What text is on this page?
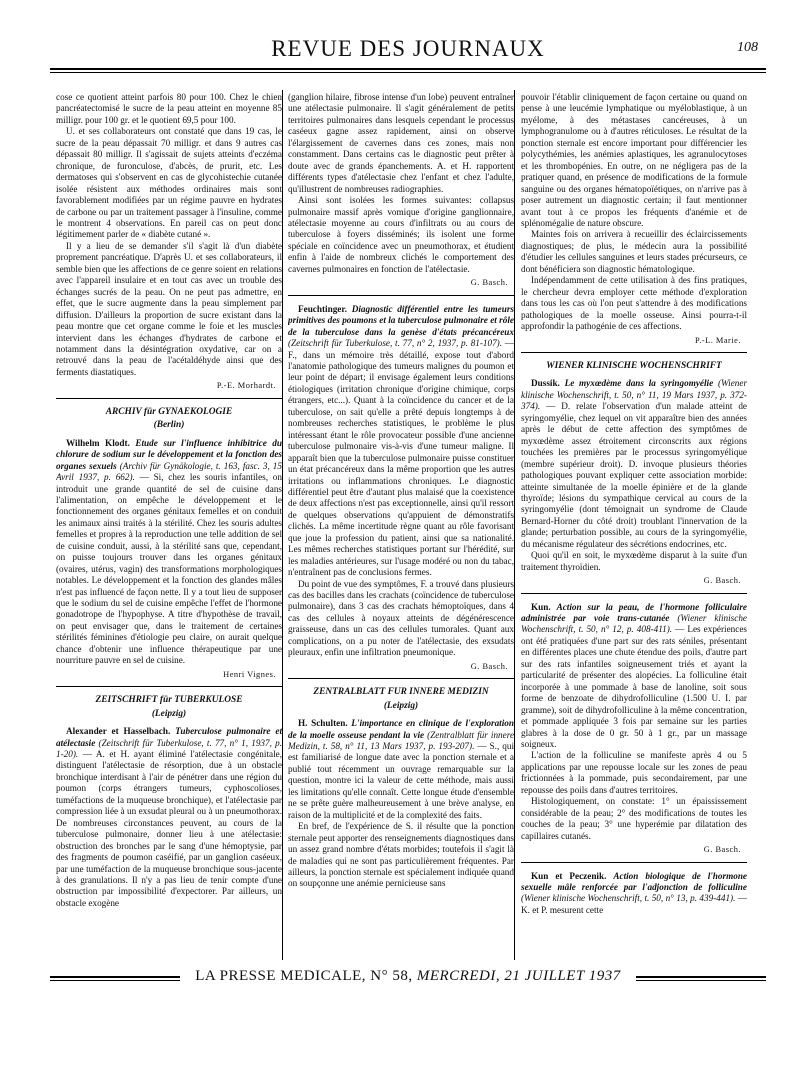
REVUE DES JOURNAUX	108

cose ce quotient atteint parfois 80 pour 100. Chez le chien pancréatectomisé le sucre de la peau atteint en moyenne 85 milligr. pour 100 gr. et le quotient 69,5 pour 100.

U. et ses collaborateurs ont constaté que dans 19 cas, le sucre de la peau dépassait 70 milligr. et dans 9 autres cas dépassait 80 milligr. Il s'agissait de sujets atteints d'eczéma chronique, de furonculose, d'abcès, de prurit, etc. Les dermatoses qui s'observent en cas de glycohistechie cutanée isolée résistent aux méthodes ordinaires mais sont favorablement modifiées par un régime pauvre en hydrates de carbone ou par un traitement passager à l'insuline, comme le montrent 4 observations. En pareil cas on peut donc légitimement parler de « diabète cutané ».

Il y a lieu de se demander s'il s'agit là d'un diabète proprement pancréatique. D'après U. et ses collaborateurs, il semble bien que les affections de ce genre soient en relations avec l'appareil insulaire et en tout cas avec un trouble des échanges sucrés de la peau. On ne peut pas admettre, en effet, que le sucre augmente dans la peau simplement par diffusion. D'ailleurs la proportion de sucre existant dans la peau montre que cet organe comme le foie et les muscles intervient dans les échanges d'hydrates de carbone et notamment dans la désintégration oxydative, car on a retrouvé dans la peau de l'acétaldéhyde ainsi que des ferments diastatiques.

P.-E. Morhardt.
ARCHIV für GYNAEKOLOGIE
(Berlin)

Wilhelm Klodt. Etude sur l'influence inhibitrice du chlorure de sodium sur le développement et la fonction des organes sexuels (Archiv für Gynäkologie, t. 163, fasc. 3, 15 Avril 1937, p. 662). — Si, chez les souris infantiles, on introduit une grande quantité de sel de cuisine dans l'alimentation, on empêche le développement et le fonctionnement des organes génitaux femelles et on conduit les animaux ainsi traités à la stérilité. Chez les souris adultes femelles et propres à la reproduction une telle addition de sel de cuisine conduit, aussi, à la stérilité sans que, cependant, on puisse toujours trouver dans les organes génitaux (ovaires, utérus, vagin) des transformations morphologiques notables. Le développement et la fonction des glandes mâles n'est pas influencé de façon nette. Il y a tout lieu de supposer que le sodium du sel de cuisine empêche l'effet de l'hormone gonadotrope de l'hypophyse. A titre d'hypothèse de travail, on peut envisager que, dans le traitement de certaines stérilités féminines d'étiologie peu claire, on aurait quelque chance d'obtenir une influence thérapeutique par une nourriture pauvre en sel de cuisine.

Henri Vignes.
ZEITSCHRIFT für TUBERKULOSE
(Leipzig)

Alexander et Hasselbach. Tuberculose pulmonaire et atélectasie (Zeitschrift für Tuberkulose, t. 77, n° 1, 1937, p. 1-20). — A. et H. ayant éliminé l'atélectasie congénitale, distinguent l'atélectasie de résorption, due à un obstacle bronchique interdisant à l'air de pénétrer dans une région du poumon (corps étrangers tumeurs, cyphoscolioses, tuméfactions de la muqueuse bronchique), et l'atélectasie par compression liée à un exsudat pleural ou à un pneumothorax. De nombreuses circonstances peuvent, au cours de la tuberculose pulmonaire, donner lieu à une atélectasie: obstruction des bronches par le sang d'une hémoptysie, par des fragments de poumon caséifié, par un ganglion caséeux, par une tuméfaction de la muqueuse bronchique sous-jacente à des granulations. Il n'y a pas lieu de tenir compte d'une obstruction par impossibilité d'expectorer. Par ailleurs, un obstacle exogène

(ganglion hilaire, fibrose intense d'un lobe) peuvent entraîner une atélectasie pulmonaire. Il s'agit généralement de petits territoires pulmonaires dans lesquels cependant le processus caséeux gagne assez rapidement, ainsi on observe l'élargissement de cavernes dans ces zones, mais non constamment. Dans certains cas le diagnostic peut prêter à doute avec de grands épanchements. A. et H. rapportent différents types d'atélectasie chez l'enfant et chez l'adulte, qu'illustrent de nombreuses radiographies.

Ainsi sont isolées les formes suivantes: collapsus pulmonaire massif après vomique d'origine ganglionnaire, atélectasie moyenne au cours d'infiltrats ou au cours de tuberculose à foyers disséminés; ils isolent une forme spéciale en coïncidence avec un pneumothorax, et étudient enfin à l'aide de nombreux clichés le comportement des cavernes pulmonaires en fonction de l'atélectasie.

G. Basch.

Feuchtinger. Diagnostic différentiel entre les tumeurs primitives des poumons et la tuberculose pulmonaire et rôle de la tuberculose dans la genèse d'états précancéreux (Zeitschrift für Tuberkulose, t. 77, n° 2, 1937, p. 81-107). — F., dans un mémoire très détaillé, expose tout d'abord l'anatomie pathologique des tumeurs malignes du poumon et leur point de départ; il envisage également leurs conditions étiologiques (irritation chronique d'origine chimique, corps étrangers, etc...). Quant à la coïncidence du cancer et de la tuberculose, on sait qu'elle a prêté depuis longtemps à de nombreuses recherches statistiques, le problème le plus intéressant étant le rôle provocateur possible d'une ancienne tuberculose pulmonaire vis-à-vis d'une tumeur maligne. Il apparaît bien que la tuberculose pulmonaire puisse constituer un état précancéreux dans la même proportion que les autres irritations ou inflammations chroniques. Le diagnostic différentiel peut être d'autant plus malaisé que la coexistence de deux affections n'est pas exceptionnelle, ainsi qu'il ressort de quelques observations qu'appuient de démonstratifs clichés. La même incertitude règne quant au rôle favorisant que joue la profession du patient, ainsi que sa nationalité. Les mêmes recherches statistiques portant sur l'hérédité, sur les maladies antérieures, sur l'usage modéré ou non du tabac, n'entraînent pas de conclusions fermes.

Du point de vue des symptômes, F. a trouvé dans plusieurs cas des bacilles dans les crachats (coïncidence de tuberculose pulmonaire), dans 3 cas des crachats hémoptoïques, dans 4 cas des cellules à noyaux atteints de dégénérescence graisseuse, dans un cas des cellules tumorales. Quant aux complications, on a pu noter de l'atélectasie, des exsudats pleuraux, enfin une infiltration pneumonique.

G. Basch.
ZENTRALBLATT FUR INNERE MEDIZIN
(Leipzig)

H. Schulten. L'importance en clinique de l'exploration de la moelle osseuse pendant la vie (Zentralblatt für innere Medizin, t. 58, n° 11, 13 Mars 1937, p. 193-207). — S., qui est familiarisé de longue date avec la ponction sternale et a publié tout récemment un ouvrage remarquable sur la question, montre ici la valeur de cette méthode, mais aussi les limitations qu'elle connaît. Cette longue étude d'ensemble ne se prête guère malheureusement à une brève analyse, en raison de la multiplicité et de la complexité des faits.

En bref, de l'expérience de S. il résulte que la ponction sternale peut apporter des renseignements diagnostiques dans un assez grand nombre d'états morbides; toutefois il s'agit là de maladies qui ne sont pas particulièrement fréquentes. Par ailleurs, la ponction sternale est spécialement indiquée quand on soupçonne une anémie pernicieuse sans

pouvoir l'établir cliniquement de façon certaine ou quand on pense à une leucémie lymphatique ou myéloblastique, à un myélome, à des métastases cancéreuses, à un lymphogranulome ou à d'autres réticuloses. Le résultat de la ponction sternale est encore important pour différencier les polycythémies, les anémies aplastiques, les agranulocytoses et les thrombopénies. En outre, on ne négligera pas de la pratiquer quand, en présence de modifications de la formule sanguine ou des organes hématopoïétiques, on n'arrive pas à poser autrement un diagnostic certain; il faut mentionner avant tout à ce propos les fréquents d'anémie et de splénomégalie de nature obscure.

Maintes fois on arrivera à recueillir des éclaircissements diagnostiques; de plus, le médecin aura la possibilité d'étudier les cellules sanguines et leurs stades précurseurs, ce dont bénéficiera son diagnostic hématologique.

Indépendamment de cette utilisation à des fins pratiques, le chercheur devra employer cette méthode d'exploration dans tous les cas où l'on peut s'attendre à des modifications pathologiques de la moelle osseuse. Ainsi pourra-t-il approfondir la pathogénie de ces affections.

P.-L. Marie.
WIENER KLINISCHE WOCHENSCHRIFT

Dussik. Le myxœdème dans la syringomyélie (Wiener klinische Wochenschrift, t. 50, n° 11, 19 Mars 1937, p. 372-374). — D. relate l'observation d'un malade atteint de syringomyélie, chez lequel on vit apparaître bien des années après le début de cette affection des symptômes de myxœdème assez étroitement circonscrits aux régions touchées les premières par le processus syringomyélique (membre supérieur droit). D. invoque plusieurs théories pathologiques pouvant expliquer cette association morbide: atteinte simultanée de la moelle épinière et de la glande thyroïde; lésions du sympathique cervical au cours de la syringomyélie (dont témoignait un syndrome de Claude Bernard-Horner du côté droit) troublant l'innervation de la glande; perturbation possible, au cours de la syringomyélie, du mécanisme régulateur des sécrétions endocrines, etc.

Quoi qu'il en soit, le myxœdème disparut à la suite d'un traitement thyroïdien.

G. Basch.

Kun. Action sur la peau, de l'hormone folliculaire administrée par voie trans-cutanée (Wiener klinische Wochenschrift, t. 50, n° 12, p. 408-411). — Les expériences ont été pratiquées d'une part sur des rats séniles, présentant en différentes places une chute étendue des poils, d'autre part sur des rats infantiles soigneusement triés et ayant la particularité de présenter des alopécies. La folliculine était incorporée à une pommade à base de lanoline, soit sous forme de benzoate de dihydrofolliculine (1.500 U. I. par gramme), soit de dihydrofolliculine à la même concentration, et pommade appliquée 3 fois par semaine sur les parties glabres à la dose de 0 gr. 50 à 1 gr., par un massage soigneux.

L'action de la folliculine se manifeste après 4 ou 5 applications par une repousse locale sur les zones de peau frictionnées à la pommade, puis secondairement, par une repousse des poils dans d'autres territoires.

Histologiquement, on constate: 1° un épaississement considérable de la peau; 2° des modifications de toutes les couches de la peau; 3° une hyperémie par dilatation des capillaires cutanés.

G. Basch.

Kun et Peczenik. Action biologique de l'hormone sexuelle mâle renforcée par l'adjonction de folliculine (Wiener klinische Wochenschrift, t. 50, n° 13, p. 439-441). — K. et P. mesurent cette

LA PRESSE MEDICALE, N° 58, MERCREDI, 21 JUILLET 1937
